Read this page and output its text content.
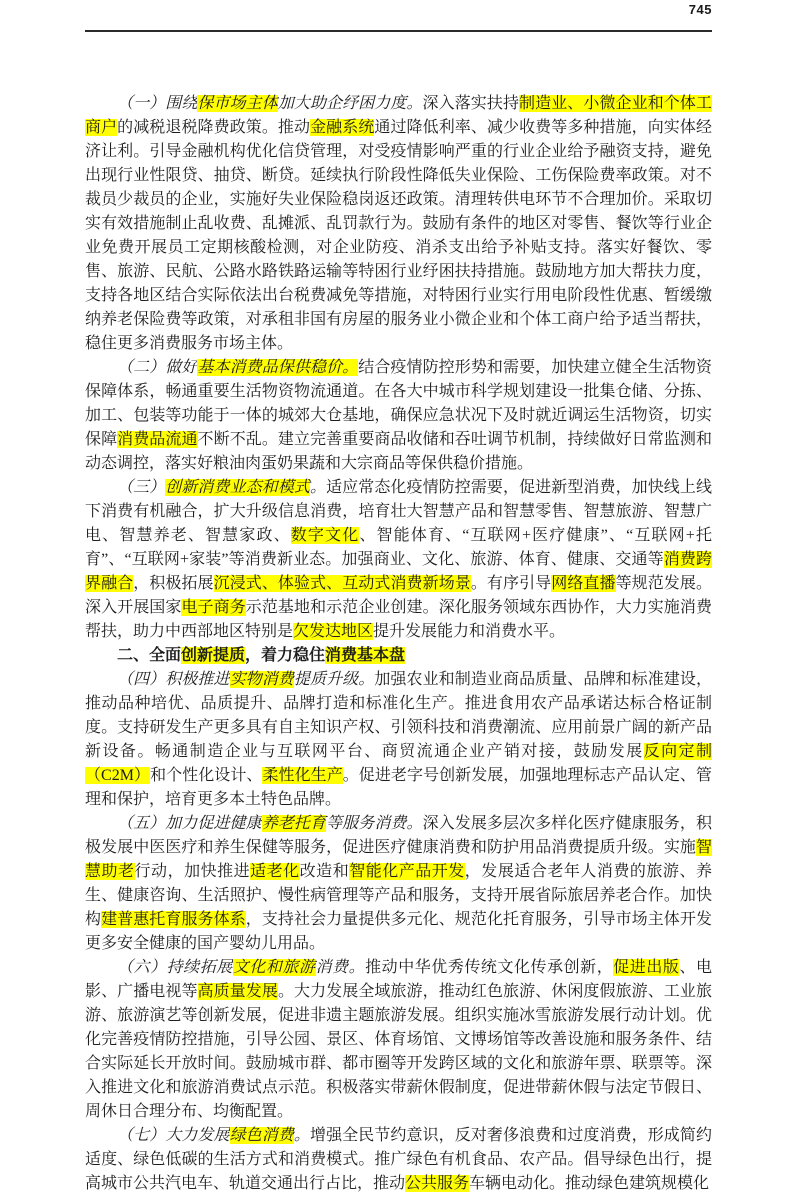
745

（一）围绕保市场主体加大助企纾困力度。深入落实扶持制造业、小微企业和个体工商户的减税退税降费政策。推动金融系统通过降低利率、减少收费等多种措施，向实体经济让利。引导金融机构优化信贷管理，对受疫情影响严重的行业企业给予融资支持，避免出现行业性限贷、抽贷、断贷。延续执行阶段性降低失业保险、工伤保险费率政策。对不裁员少裁员的企业，实施好失业保险稳岗返还政策。清理转供电环节不合理加价。采取切实有效措施制止乱收费、乱摊派、乱罚款行为。鼓励有条件的地区对零售、餐饮等行业企业免费开展员工定期核酸检测，对企业防疫、消杀支出给予补贴支持。落实好餐饮、零售、旅游、民航、公路水路铁路运输等特困行业纾困扶持措施。鼓励地方加大帮扶力度，支持各地区结合实际依法出台税费减免等措施，对特困行业实行用电阶段性优惠、暂缓缴纳养老保险费等政策，对承租非国有房屋的服务业小微企业和个体工商户给予适当帮扶，稳住更多消费服务市场主体。

（二）做好基本消费品保供稳价。结合疫情防控形势和需要，加快建立健全生活物资保障体系，畅通重要生活物资物流通道。在各大中城市科学规划建设一批集仓储、分拣、加工、包装等功能于一体的城郊大仓基地，确保应急状况下及时就近调运生活物资，切实保障消费品流通不断不乱。建立完善重要商品收储和吞吐调节机制，持续做好日常监测和动态调控，落实好粮油肉蛋奶果蔬和大宗商品等保供稳价措施。

（三）创新消费业态和模式。适应常态化疫情防控需要，促进新型消费，加快线上线下消费有机融合，扩大升级信息消费，培育壮大智慧产品和智慧零售、智慧旅游、智慧广电、智慧养老、智慧家政、数字文化、智能体育、“互联网+医疗健康”、“互联网+托育”、“互联网+家装”等消费新业态。加强商业、文化、旅游、体育、健康、交通等消费跨界融合，积极拓展沉浸式、体验式、互动式消费新场景。有序引导网络直播等规范发展。深入开展国家电子商务示范基地和示范企业创建。深化服务领域东西协作，大力实施消费帮扶，助力中西部地区特别是欠发达地区提升发展能力和消费水平。

二、全面创新提质，着力稳住消费基本盘

（四）积极推进实物消费提质升级。加强农业和制造业商品质量、品牌和标准建设，推动品种培优、品质提升、品牌打造和标准化生产。推进食用农产品承诺达标合格证制度。支持研发生产更多具有自主知识产权、引领科技和消费潮流、应用前景广阔的新产品新设备。畅通制造企业与互联网平台、商贸流通企业产销对接，鼓励发展反向定制（C2M）和个性化设计、柔性化生产。促进老字号创新发展，加强地理标志产品认定、管理和保护，培育更多本土特色品牌。

（五）加力促进健康养老托育等服务消费。深入发展多层次多样化医疗健康服务，积极发展中医医疗和养生保健等服务，促进医疗健康消费和防护用品消费提质升级。实施智慧助老行动，加快推进适老化改造和智能化产品开发，发展适合老年人消费的旅游、养生、健康咨询、生活照护、慢性病管理等产品和服务，支持开展省际旅居养老合作。加快构建普惠托育服务体系，支持社会力量提供多元化、规范化托育服务，引导市场主体开发更多安全健康的国产婴幼儿用品。

（六）持续拓展文化和旅游消费。推动中华优秀传统文化传承创新，促进出版、电影、广播电视等高质量发展。大力发展全域旅游，推动红色旅游、休闲度假旅游、工业旅游、旅游演艺等创新发展，促进非遗主题旅游发展。组织实施冰雪旅游发展行动计划。优化完善疫情防控措施，引导公园、景区、体育场馆、文博场馆等改善设施和服务条件、结合实际延长开放时间。鼓励城市群、都市圈等开发跨区域的文化和旅游年票、联票等。深入推进文化和旅游消费试点示范。积极落实带薪休假制度，促进带薪休假与法定节假日、周休日合理分布、均衡配置。

（七）大力发展绿色消费。增强全民节约意识，反对奢侈浪费和过度消费，形成简约适度、绿色低碳的生活方式和消费模式。推广绿色有机食品、农产品。倡导绿色出行，提高城市公共汽电车、轨道交通出行占比，推动公共服务车辆电动化。推动绿色建筑规模化
